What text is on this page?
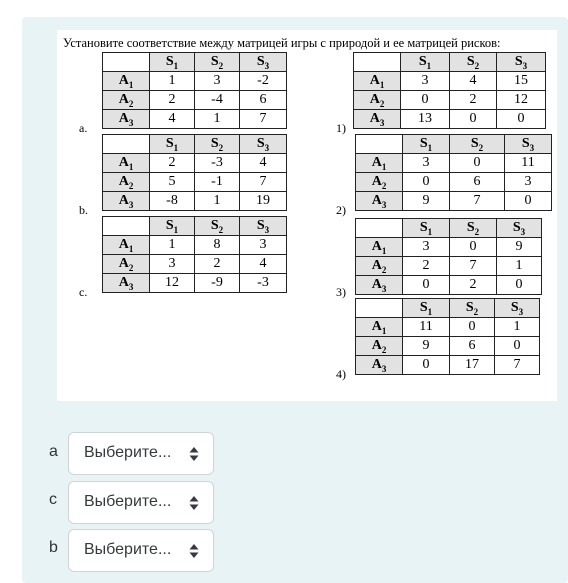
Установите соответствие между матрицей игры с природой и ее матрицей рисков:
	$S_1$	$S_2$	$S_3$
$A_1$	1	3	-2
$A_2$	2	-4	6
$A_3$	4	1	7
a.
	$S_1$	$S_2$	$S_3$
$A_1$	2	-3	4
$A_2$	5	-1	7
$A_3$	-8	1	19
b.
	$S_1$	$S_2$	$S_3$
$A_1$	1	8	3
$A_2$	3	2	4
$A_3$	12	-9	-3
c.
	$S_1$	$S_2$	$S_3$
$A_1$	3	4	15
$A_2$	0	2	12
$A_3$	13	0	0
1)
	$S_1$	$S_2$	$S_3$
$A_1$	3	0	11
$A_2$	0	6	3
$A_3$	9	7	0
2)
	$S_1$	$S_2$	$S_3$
$A_1$	3	0	9
$A_2$	2	7	1
$A_3$	0	2	0
3)
	$S_1$	$S_2$	$S_3$
$A_1$	11	0	1
$A_2$	9	6	0
$A_3$	0	17	7
4)
a Выберите...
c Выберите...
b Выберите...
